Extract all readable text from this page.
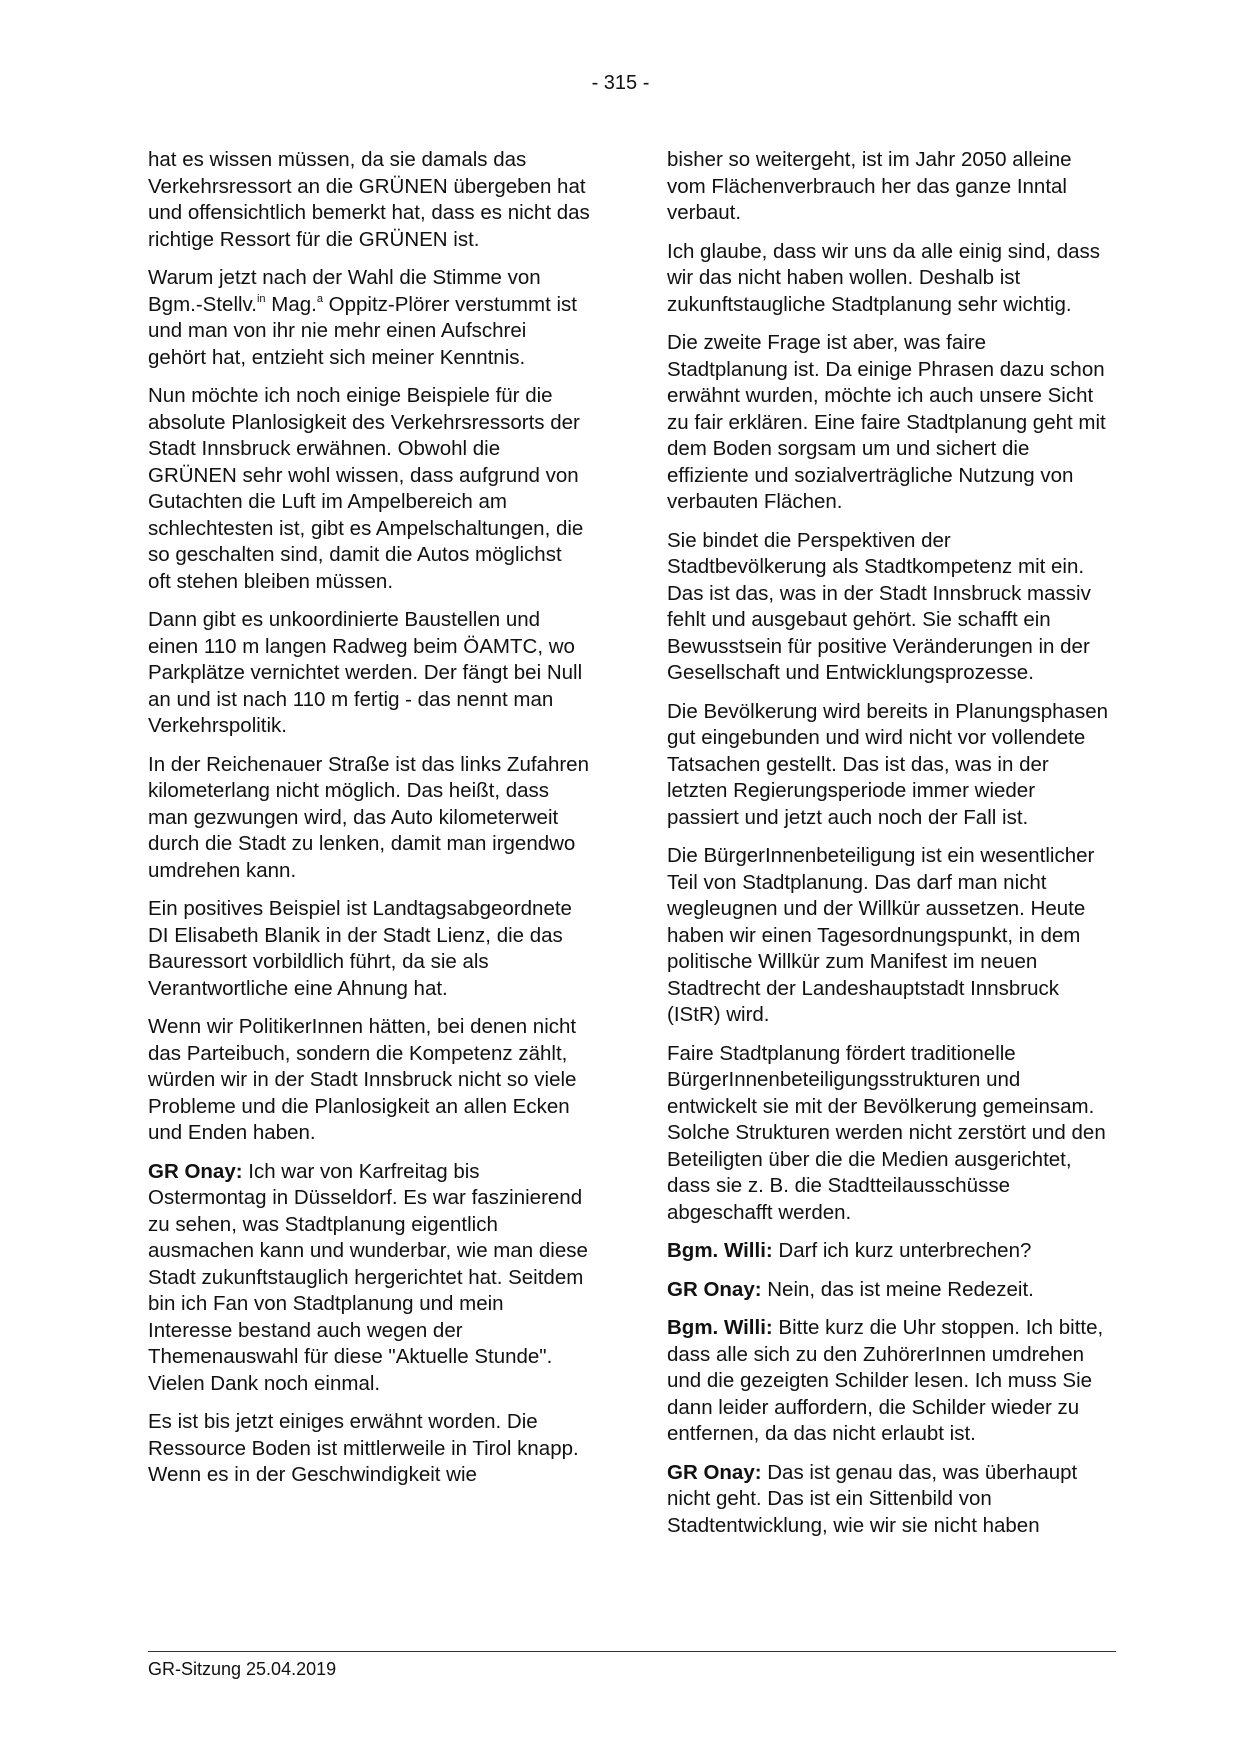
- 315 -

hat es wissen müssen, da sie damals das Verkehrsressort an die GRÜNEN übergeben hat und offensichtlich bemerkt hat, dass es nicht das richtige Ressort für die GRÜNEN ist.

Warum jetzt nach der Wahl die Stimme von Bgm.-Stellv.$^{in}$ Mag.$^a$ Oppitz-Plörer verstummt ist und man von ihr nie mehr einen Aufschrei gehört hat, entzieht sich meiner Kenntnis.

Nun möchte ich noch einige Beispiele für die absolute Planlosigkeit des Verkehrsressorts der Stadt Innsbruck erwähnen. Obwohl die GRÜNEN sehr wohl wissen, dass aufgrund von Gutachten die Luft im Ampelbereich am schlechtesten ist, gibt es Ampelschaltungen, die so geschalten sind, damit die Autos möglichst oft stehen bleiben müssen.

Dann gibt es unkoordinierte Baustellen und einen 110 m langen Radweg beim ÖAMTC, wo Parkplätze vernichtet werden. Der fängt bei Null an und ist nach 110 m fertig - das nennt man Verkehrspolitik.

In der Reichenauer Straße ist das links Zufahren kilometerlang nicht möglich. Das heißt, dass man gezwungen wird, das Auto kilometerweit durch die Stadt zu lenken, damit man irgendwo umdrehen kann.

Ein positives Beispiel ist Landtagsabgeordnete DI Elisabeth Blanik in der Stadt Lienz, die das Bauressort vorbildlich führt, da sie als Verantwortliche eine Ahnung hat.

Wenn wir PolitikerInnen hätten, bei denen nicht das Parteibuch, sondern die Kompetenz zählt, würden wir in der Stadt Innsbruck nicht so viele Probleme und die Planlosigkeit an allen Ecken und Enden haben.

GR Onay: Ich war von Karfreitag bis Ostermontag in Düsseldorf. Es war faszinierend zu sehen, was Stadtplanung eigentlich ausmachen kann und wunderbar, wie man diese Stadt zukunftstauglich hergerichtet hat. Seitdem bin ich Fan von Stadtplanung und mein Interesse bestand auch wegen der Themenauswahl für diese "Aktuelle Stunde". Vielen Dank noch einmal.

Es ist bis jetzt einiges erwähnt worden. Die Ressource Boden ist mittlerweile in Tirol knapp. Wenn es in der Geschwindigkeit wie

bisher so weitergeht, ist im Jahr 2050 alleine vom Flächenverbrauch her das ganze Inntal verbaut.

Ich glaube, dass wir uns da alle einig sind, dass wir das nicht haben wollen. Deshalb ist zukunftstaugliche Stadtplanung sehr wichtig.

Die zweite Frage ist aber, was faire Stadtplanung ist. Da einige Phrasen dazu schon erwähnt wurden, möchte ich auch unsere Sicht zu fair erklären. Eine faire Stadtplanung geht mit dem Boden sorgsam um und sichert die effiziente und sozialverträgliche Nutzung von verbauten Flächen.

Sie bindet die Perspektiven der Stadtbevölkerung als Stadtkompetenz mit ein. Das ist das, was in der Stadt Innsbruck massiv fehlt und ausgebaut gehört. Sie schafft ein Bewusstsein für positive Veränderungen in der Gesellschaft und Entwicklungsprozesse.

Die Bevölkerung wird bereits in Planungsphasen gut eingebunden und wird nicht vor vollendete Tatsachen gestellt. Das ist das, was in der letzten Regierungsperiode immer wieder passiert und jetzt auch noch der Fall ist.

Die BürgerInnenbeteiligung ist ein wesentlicher Teil von Stadtplanung. Das darf man nicht wegleugnen und der Willkür aussetzen. Heute haben wir einen Tagesordnungspunkt, in dem politische Willkür zum Manifest im neuen Stadtrecht der Landeshauptstadt Innsbruck (IStR) wird.

Faire Stadtplanung fördert traditionelle BürgerInnenbeteiligungsstrukturen und entwickelt sie mit der Bevölkerung gemeinsam. Solche Strukturen werden nicht zerstört und den Beteiligten über die die Medien ausgerichtet, dass sie z. B. die Stadtteilausschüsse abgeschafft werden.

Bgm. Willi: Darf ich kurz unterbrechen?

GR Onay: Nein, das ist meine Redezeit.

Bgm. Willi: Bitte kurz die Uhr stoppen. Ich bitte, dass alle sich zu den ZuhörerInnen umdrehen und die gezeigten Schilder lesen. Ich muss Sie dann leider auffordern, die Schilder wieder zu entfernen, da das nicht erlaubt ist.

GR Onay: Das ist genau das, was überhaupt nicht geht. Das ist ein Sittenbild von Stadtentwicklung, wie wir sie nicht haben

GR-Sitzung 25.04.2019
